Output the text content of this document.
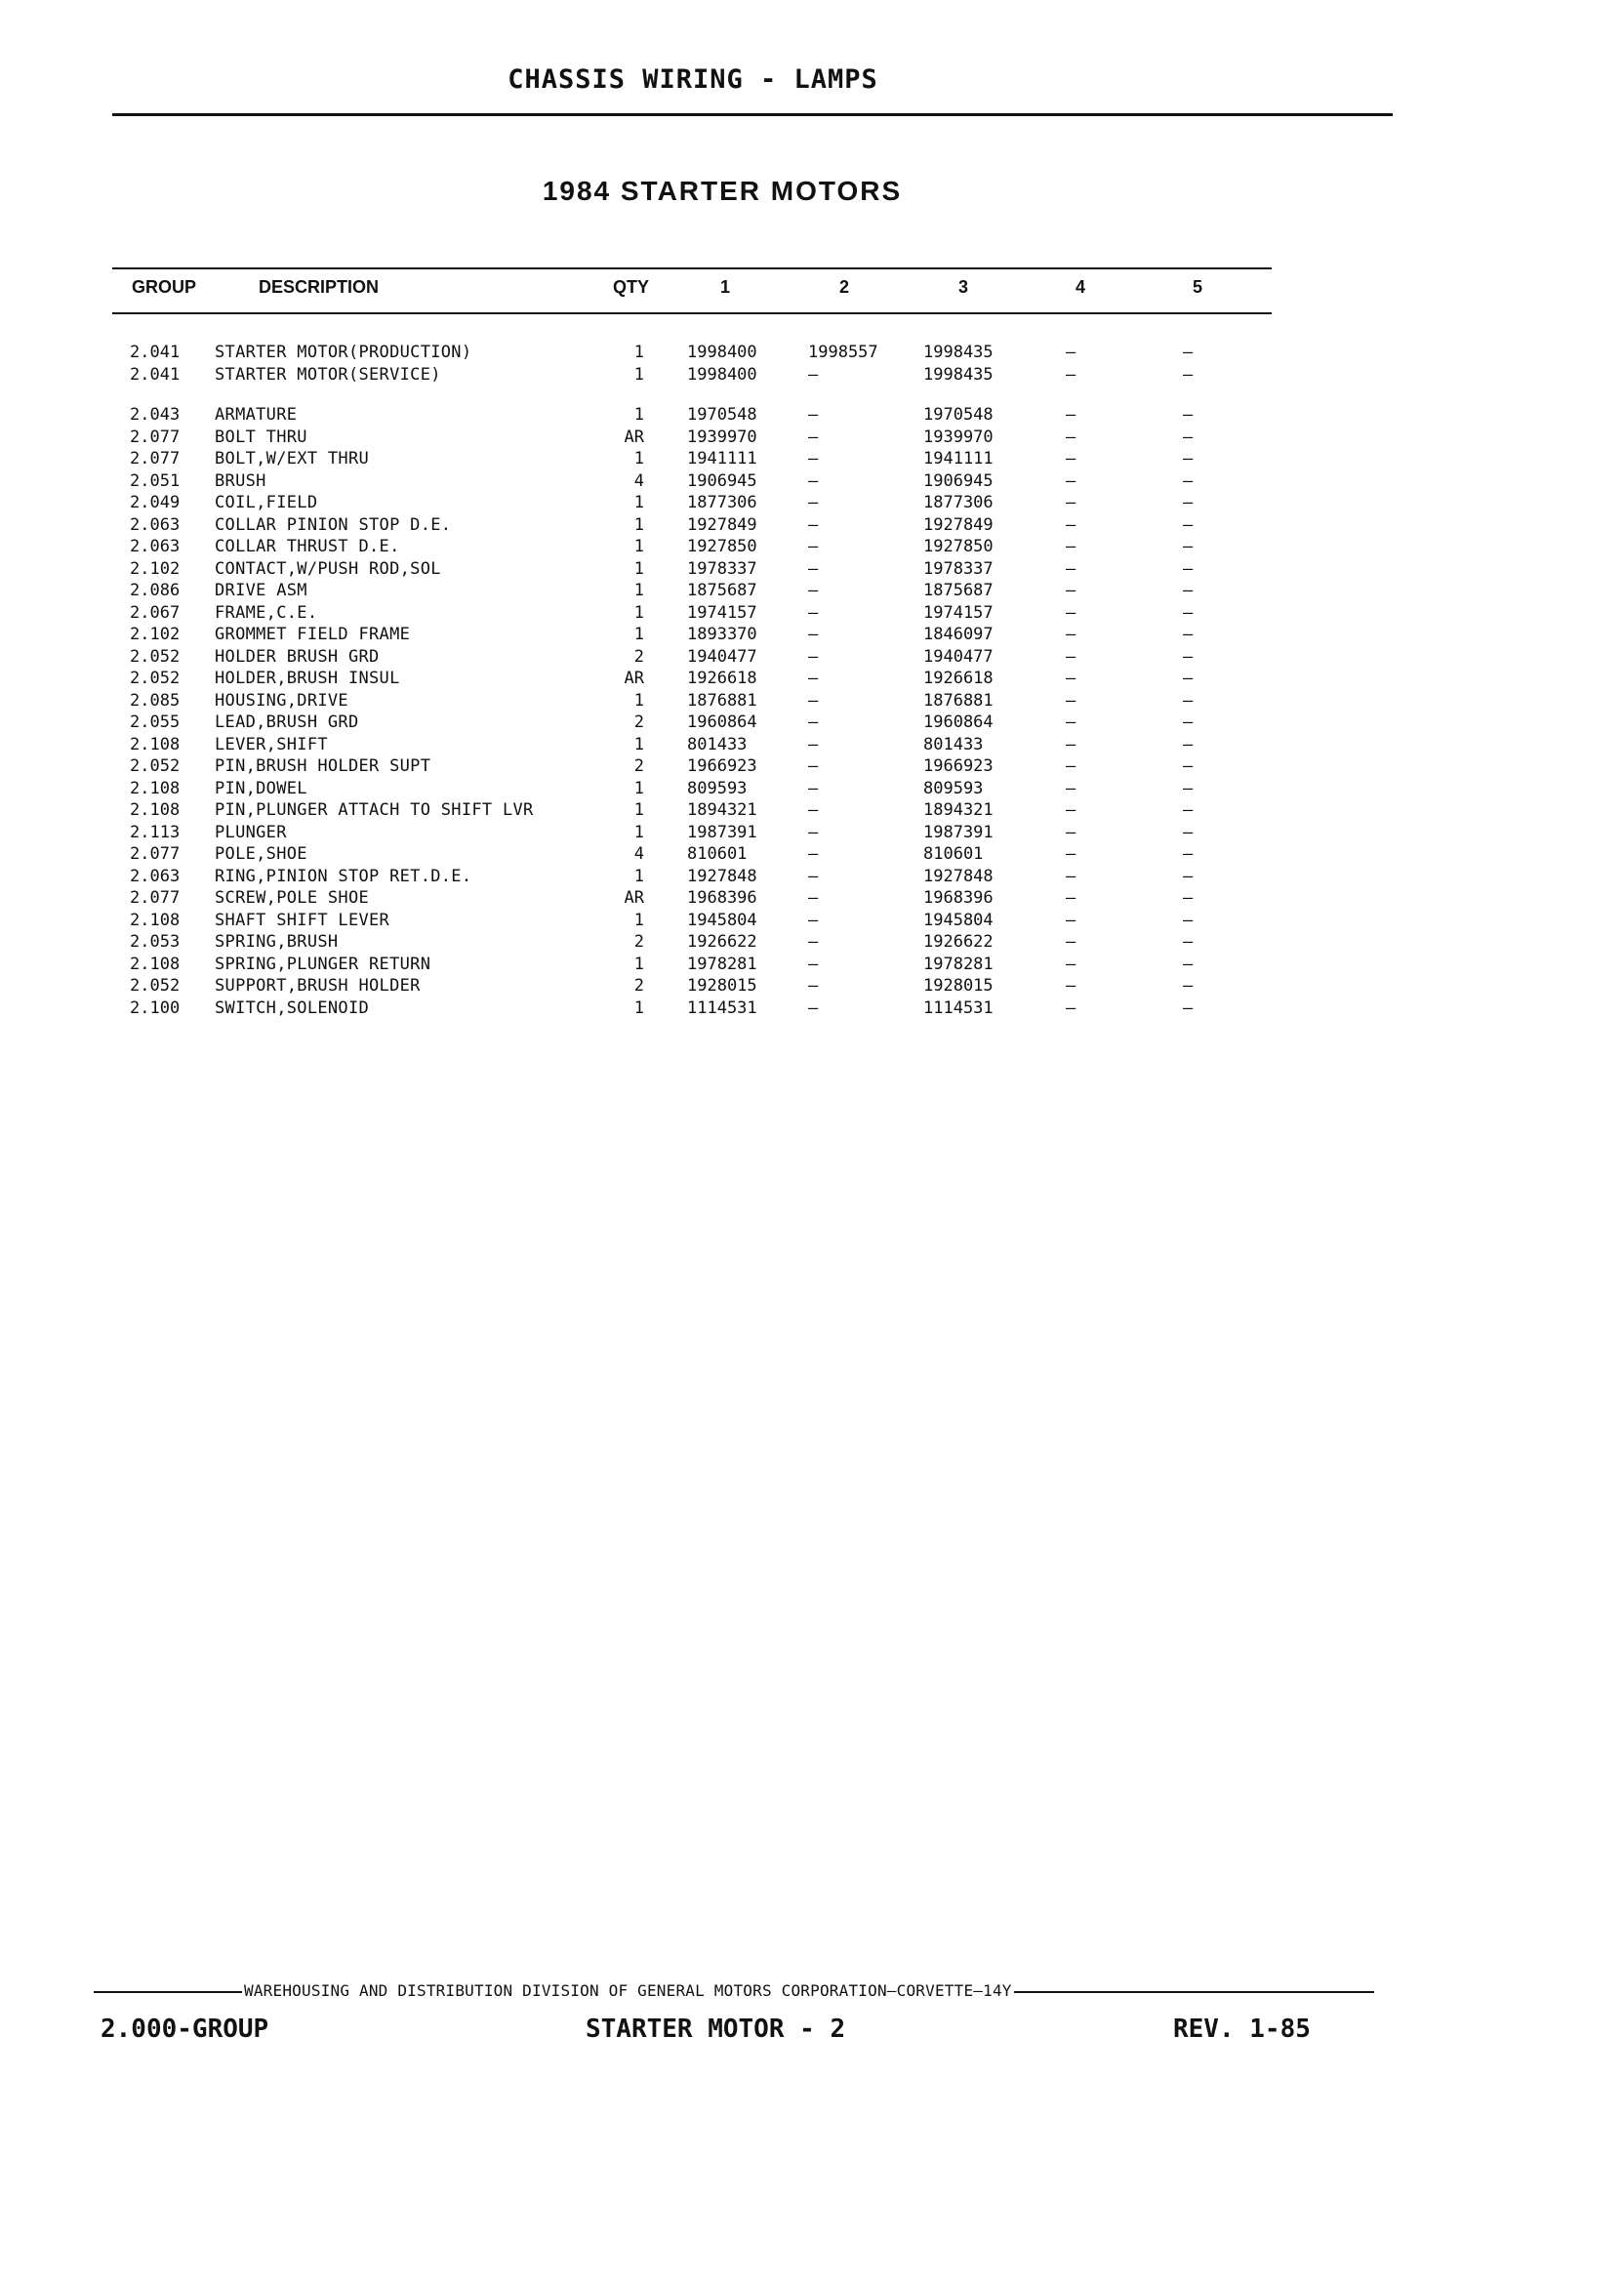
CHASSIS WIRING - LAMPS
1984 STARTER MOTORS
GROUP	DESCRIPTION	QTY	1	2	3	4	5
2.041 STARTER MOTOR(PRODUCTION)	1	1998400	1998557	1998435	—	—
2.041 STARTER MOTOR(SERVICE)	1	1998400	—	1998435	—	—
2.043 ARMATURE	1	1970548	—	1970548	—	—
2.077 BOLT THRU	AR	1939970	—	1939970	—	—
2.077 BOLT,W/EXT THRU	1	1941111	—	1941111	—	—
2.051 BRUSH	4	1906945	—	1906945	—	—
2.049 COIL,FIELD	1	1877306	—	1877306	—	—
2.063 COLLAR PINION STOP D.E.	1	1927849	—	1927849	—	—
2.063 COLLAR THRUST D.E.	1	1927850	—	1927850	—	—
2.102 CONTACT,W/PUSH ROD,SOL	1	1978337	—	1978337	—	—
2.086 DRIVE ASM	1	1875687	—	1875687	—	—
2.067 FRAME,C.E.	1	1974157	—	1974157	—	—
2.102 GROMMET FIELD FRAME	1	1893370	—	1846097	—	—
2.052 HOLDER BRUSH GRD	2	1940477	—	1940477	—	—
2.052 HOLDER,BRUSH INSUL	AR	1926618	—	1926618	—	—
2.085 HOUSING,DRIVE	1	1876881	—	1876881	—	—
2.055 LEAD,BRUSH GRD	2	1960864	—	1960864	—	—
2.108 LEVER,SHIFT	1	801433	—	801433	—	—
2.052 PIN,BRUSH HOLDER SUPT	2	1966923	—	1966923	—	—
2.108 PIN,DOWEL	1	809593	—	809593	—	—
2.108 PIN,PLUNGER ATTACH TO SHIFT LVR	1	1894321	—	1894321	—	—
2.113 PLUNGER	1	1987391	—	1987391	—	—
2.077 POLE,SHOE	4	810601	—	810601	—	—
2.063 RING,PINION STOP RET.D.E.	1	1927848	—	1927848	—	—
2.077 SCREW,POLE SHOE	AR	1968396	—	1968396	—	—
2.108 SHAFT SHIFT LEVER	1	1945804	—	1945804	—	—
2.053 SPRING,BRUSH	2	1926622	—	1926622	—	—
2.108 SPRING,PLUNGER RETURN	1	1978281	—	1978281	—	—
2.052 SUPPORT,BRUSH HOLDER	2	1928015	—	1928015	—	—
2.100 SWITCH,SOLENOID	1	1114531	—	1114531	—	—
WAREHOUSING AND DISTRIBUTION DIVISION OF GENERAL MOTORS CORPORATION—CORVETTE—14Y
2.000-GROUP	STARTER MOTOR - 2	REV. 1-85
